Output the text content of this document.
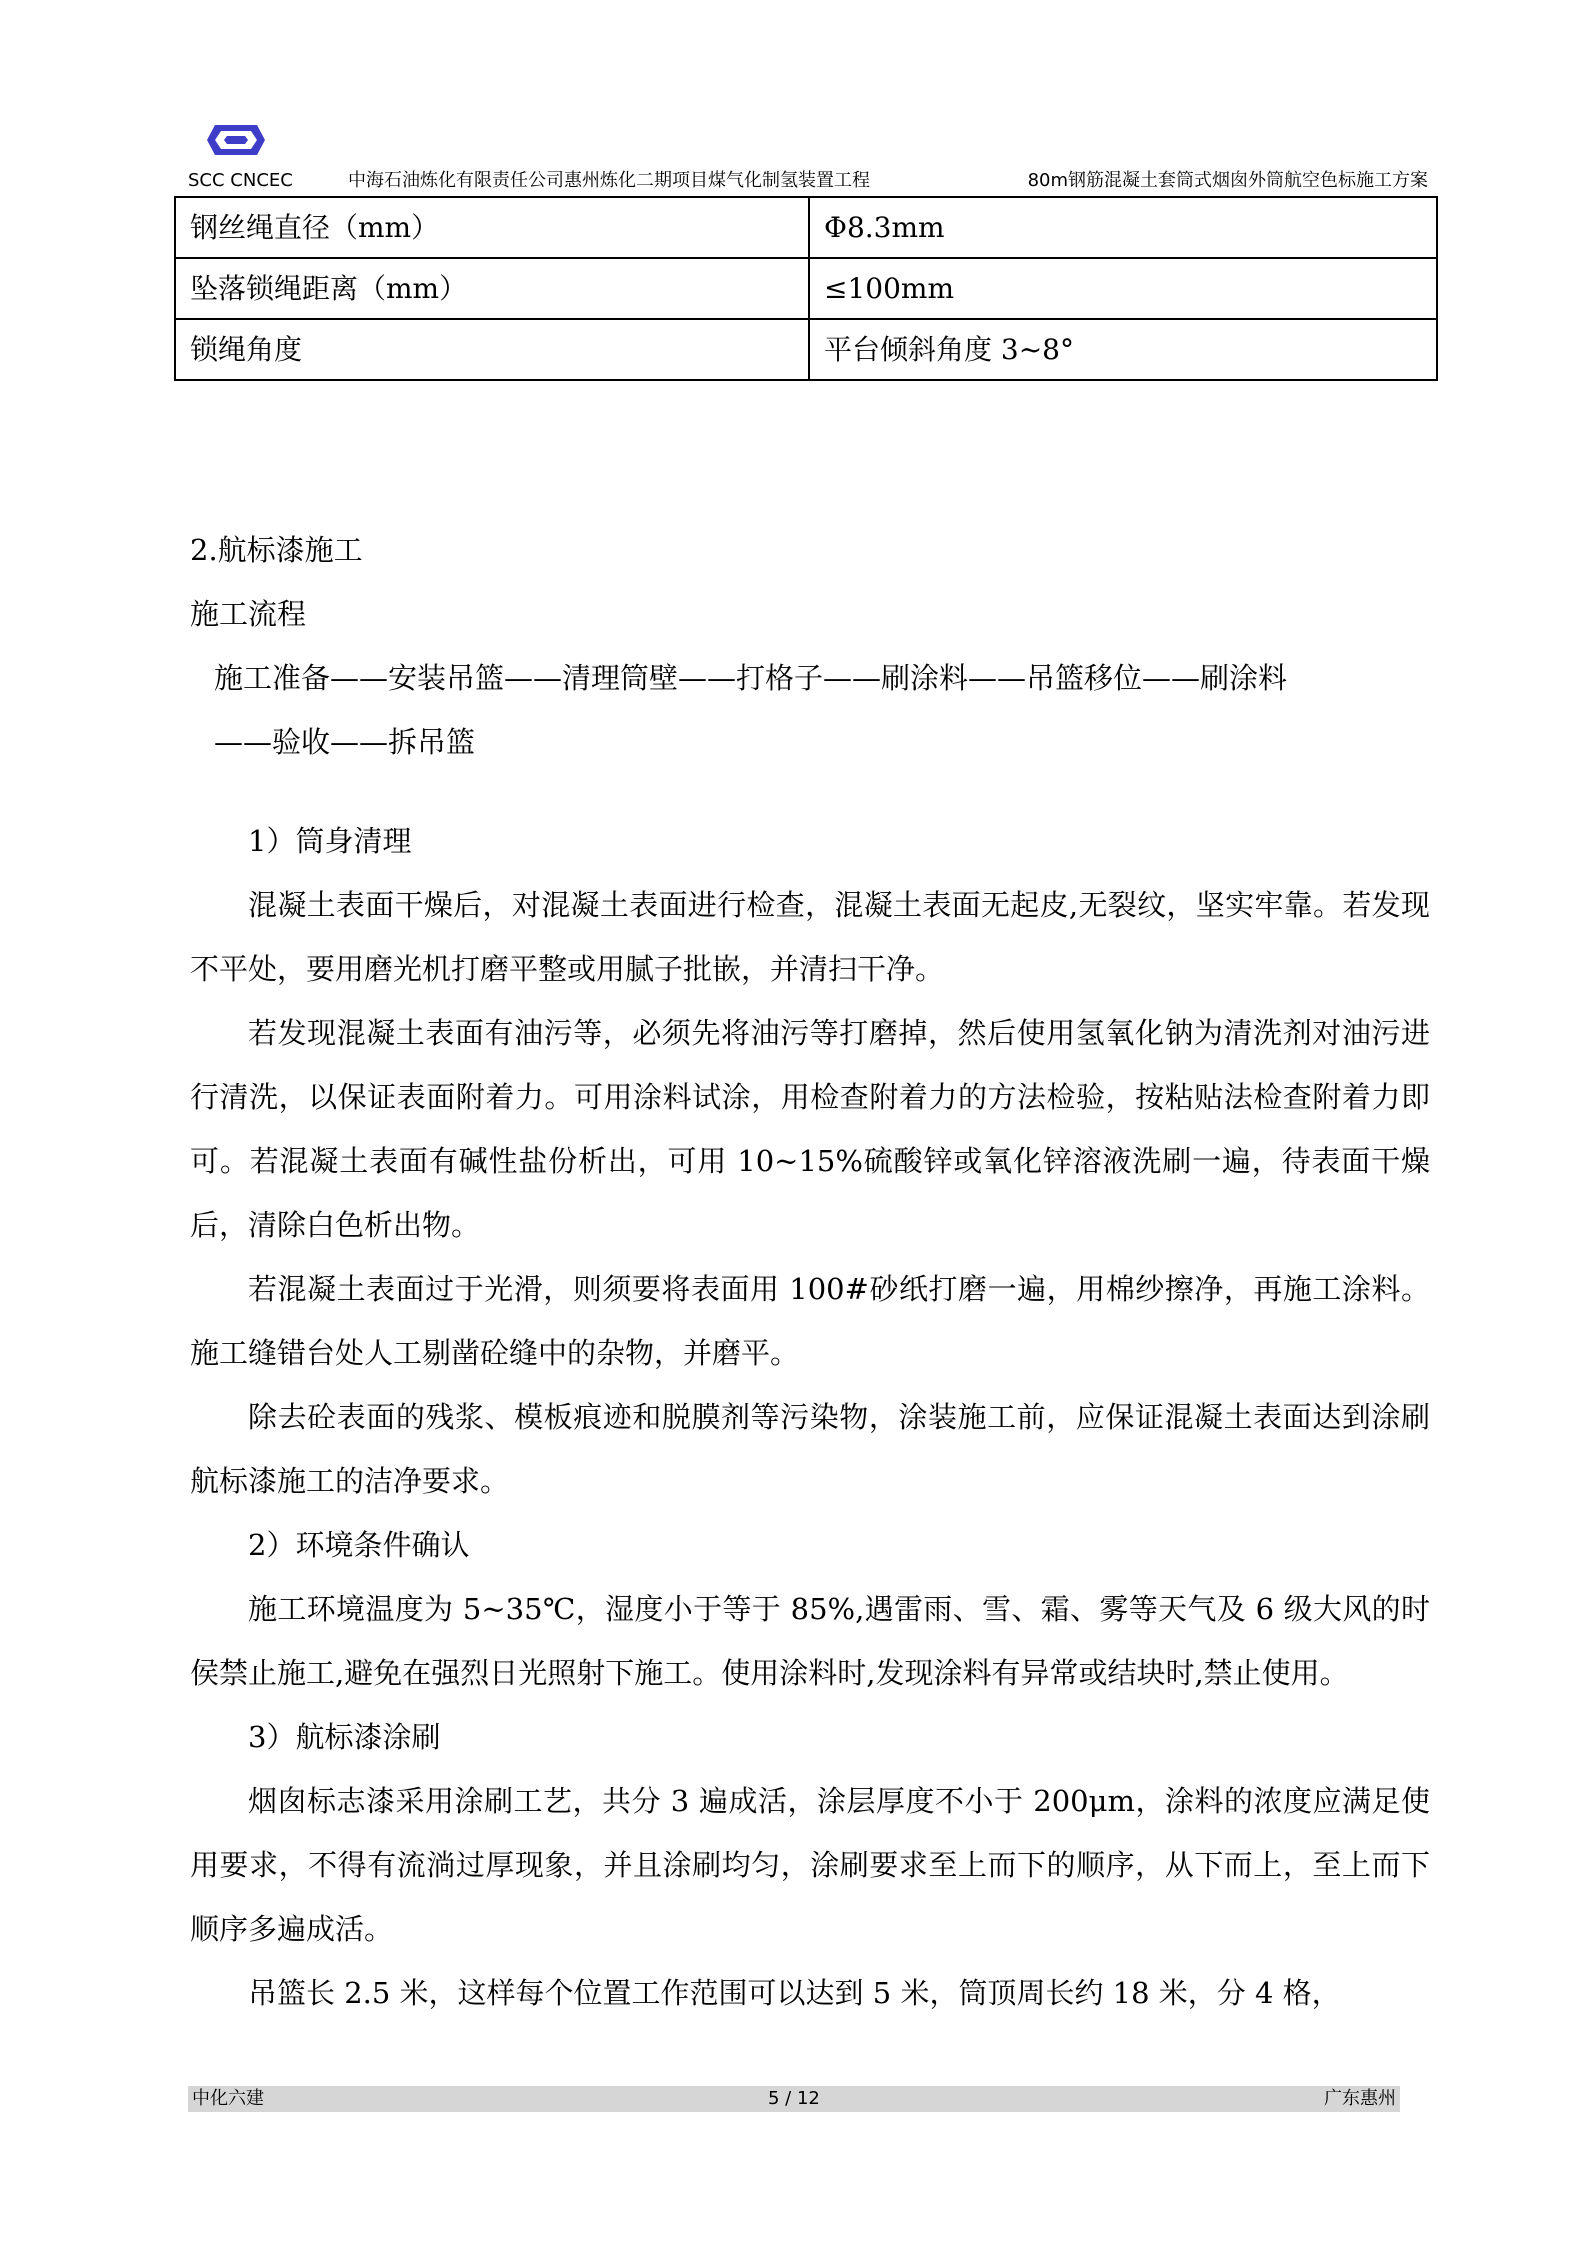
SCC CNCEC	中海石油炼化有限责任公司惠州炼化二期项目煤气化制氢装置工程	80m钢筋混凝土套筒式烟囱外筒航空色标施工方案
钢丝绳直径（mm）	Φ8.3mm
坠落锁绳距离（mm）	≤100mm
锁绳角度	平台倾斜角度 3~8°

2.航标漆施工

施工流程

施工准备——安装吊篮——清理筒壁——打格子——刷涂料——吊篮移位——刷涂料

——验收——拆吊篮

1）筒身清理

混凝土表面干燥后，对混凝土表面进行检查，混凝土表面无起皮,无裂纹，坚实牢靠。若发现不平处，要用磨光机打磨平整或用腻子批嵌，并清扫干净。

若发现混凝土表面有油污等，必须先将油污等打磨掉，然后使用氢氧化钠为清洗剂对油污进行清洗，以保证表面附着力。可用涂料试涂，用检查附着力的方法检验，按粘贴法检查附着力即可。若混凝土表面有碱性盐份析出，可用 10~15%硫酸锌或氧化锌溶液洗刷一遍，待表面干燥后，清除白色析出物。

若混凝土表面过于光滑，则须要将表面用 100#砂纸打磨一遍，用棉纱擦净，再施工涂料。施工缝错台处人工剔凿砼缝中的杂物，并磨平。

除去砼表面的残浆、模板痕迹和脱膜剂等污染物，涂装施工前，应保证混凝土表面达到涂刷航标漆施工的洁净要求。

2）环境条件确认

施工环境温度为 5~35℃，湿度小于等于 85%,遇雷雨、雪、霜、雾等天气及 6 级大风的时侯禁止施工,避免在强烈日光照射下施工。使用涂料时,发现涂料有异常或结块时,禁止使用。

3）航标漆涂刷

烟囱标志漆采用涂刷工艺，共分 3 遍成活，涂层厚度不小于 200μm，涂料的浓度应满足使用要求，不得有流淌过厚现象，并且涂刷均匀，涂刷要求至上而下的顺序，从下而上，至上而下顺序多遍成活。

吊篮长 2.5 米，这样每个位置工作范围可以达到 5 米，筒顶周长约 18 米，分 4 格，

中化六建	5 / 12	广东惠州
